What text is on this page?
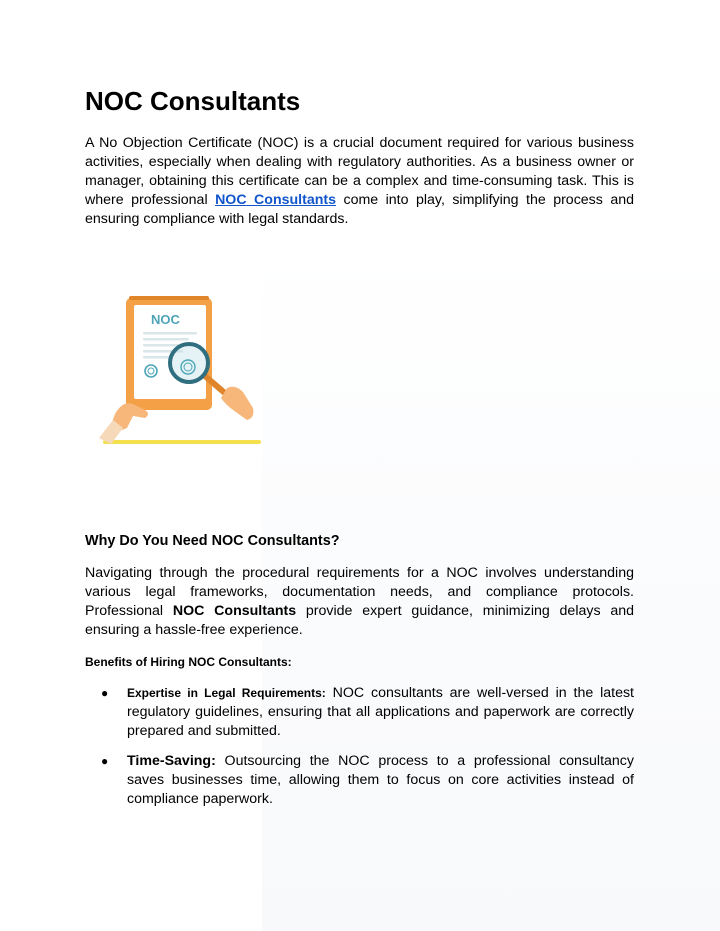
NOC Consultants

A No Objection Certificate (NOC) is a crucial document required for various business activities, especially when dealing with regulatory authorities. As a business owner or manager, obtaining this certificate can be a complex and time-consuming task. This is where professional NOC Consultants come into play, simplifying the process and ensuring compliance with legal standards.

Why Do You Need NOC Consultants?

Navigating through the procedural requirements for a NOC involves understanding various legal frameworks, documentation needs, and compliance protocols. Professional NOC Consultants provide expert guidance, minimizing delays and ensuring a hassle-free experience.

Benefits of Hiring NOC Consultants:
● Expertise in Legal Requirements: NOC consultants are well-versed in the latest regulatory guidelines, ensuring that all applications and paperwork are correctly prepared and submitted.
● Time-Saving: Outsourcing the NOC process to a professional consultancy saves businesses time, allowing them to focus on core activities instead of compliance paperwork.
NOC
